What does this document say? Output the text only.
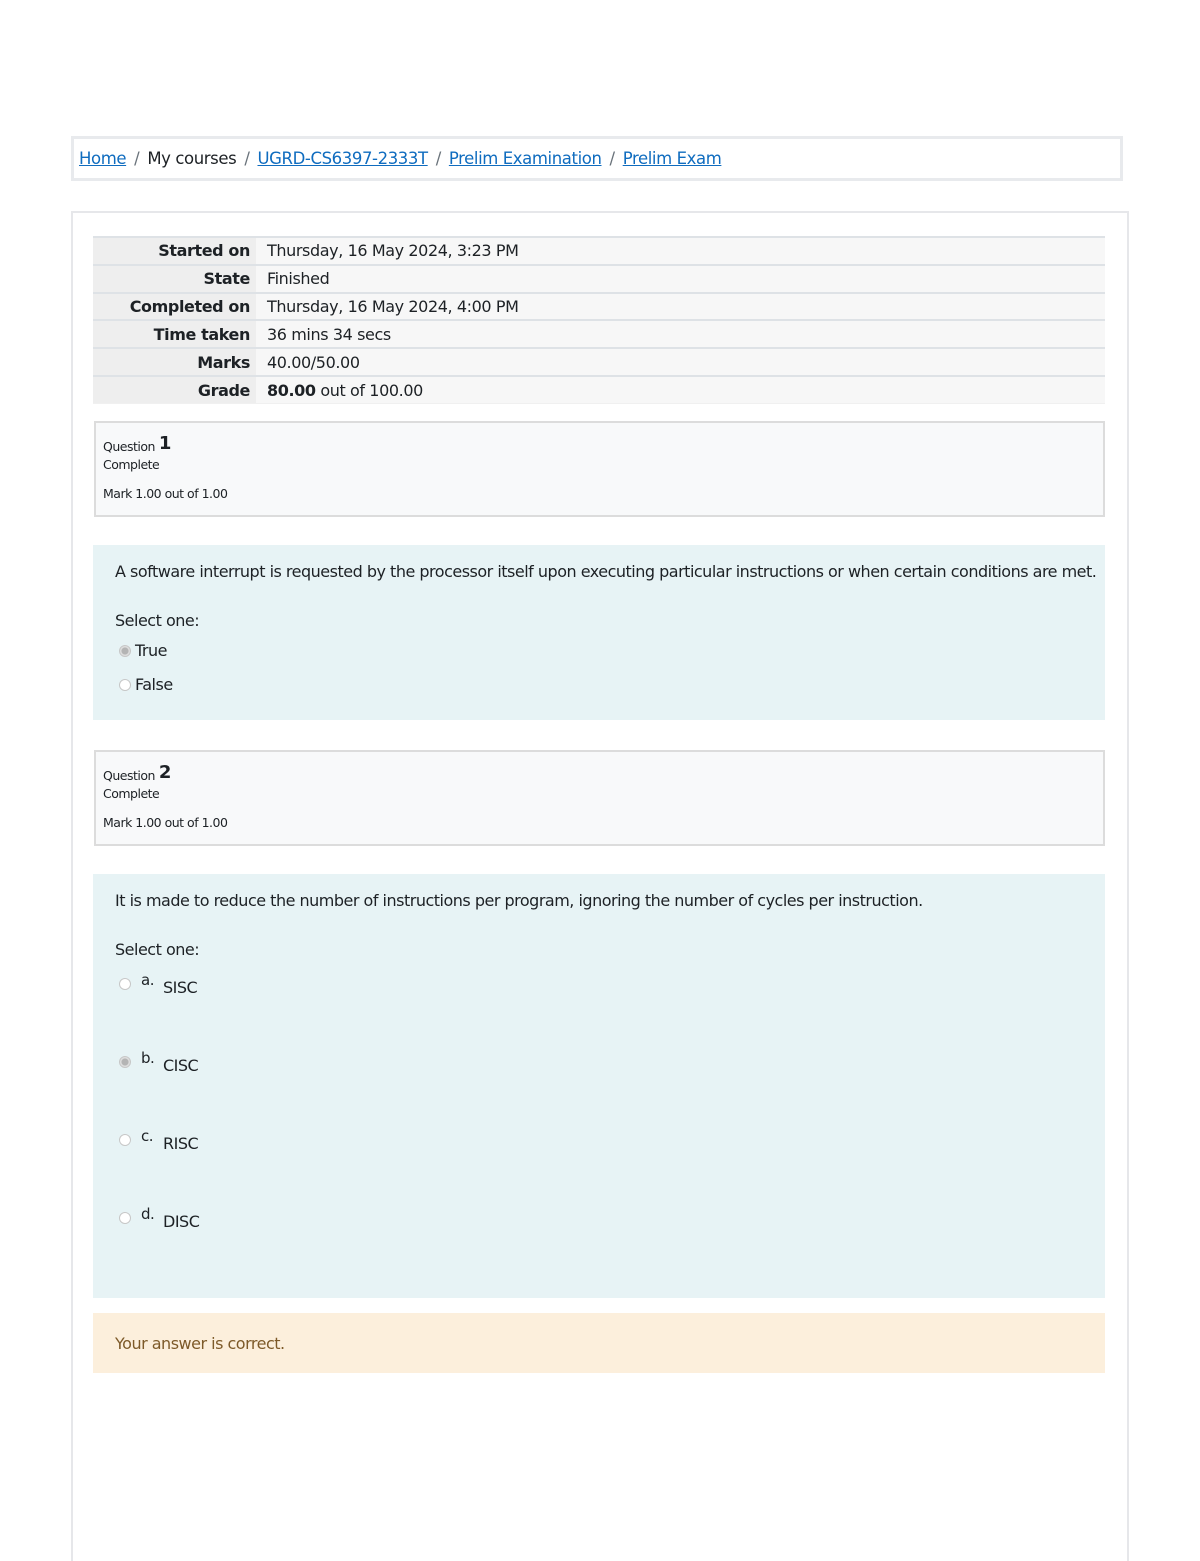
Home / My courses / UGRD-CS6397-2333T / Prelim Examination / Prelim Exam
Started on	Thursday, 16 May 2024, 3:23 PM
State	Finished
Completed on	Thursday, 16 May 2024, 4:00 PM
Time taken	36 mins 34 secs
Marks	40.00/50.00
Grade	80.00 out of 100.00
Question 1
Complete
Mark 1.00 out of 1.00
A software interrupt is requested by the processor itself upon executing particular instructions or when certain conditions are met.
Select one:
True
False
Question 2
Complete
Mark 1.00 out of 1.00
It is made to reduce the number of instructions per program, ignoring the number of cycles per instruction.
Select one:
a. SISC
b. CISC
c. RISC
d. DISC
Your answer is correct.
